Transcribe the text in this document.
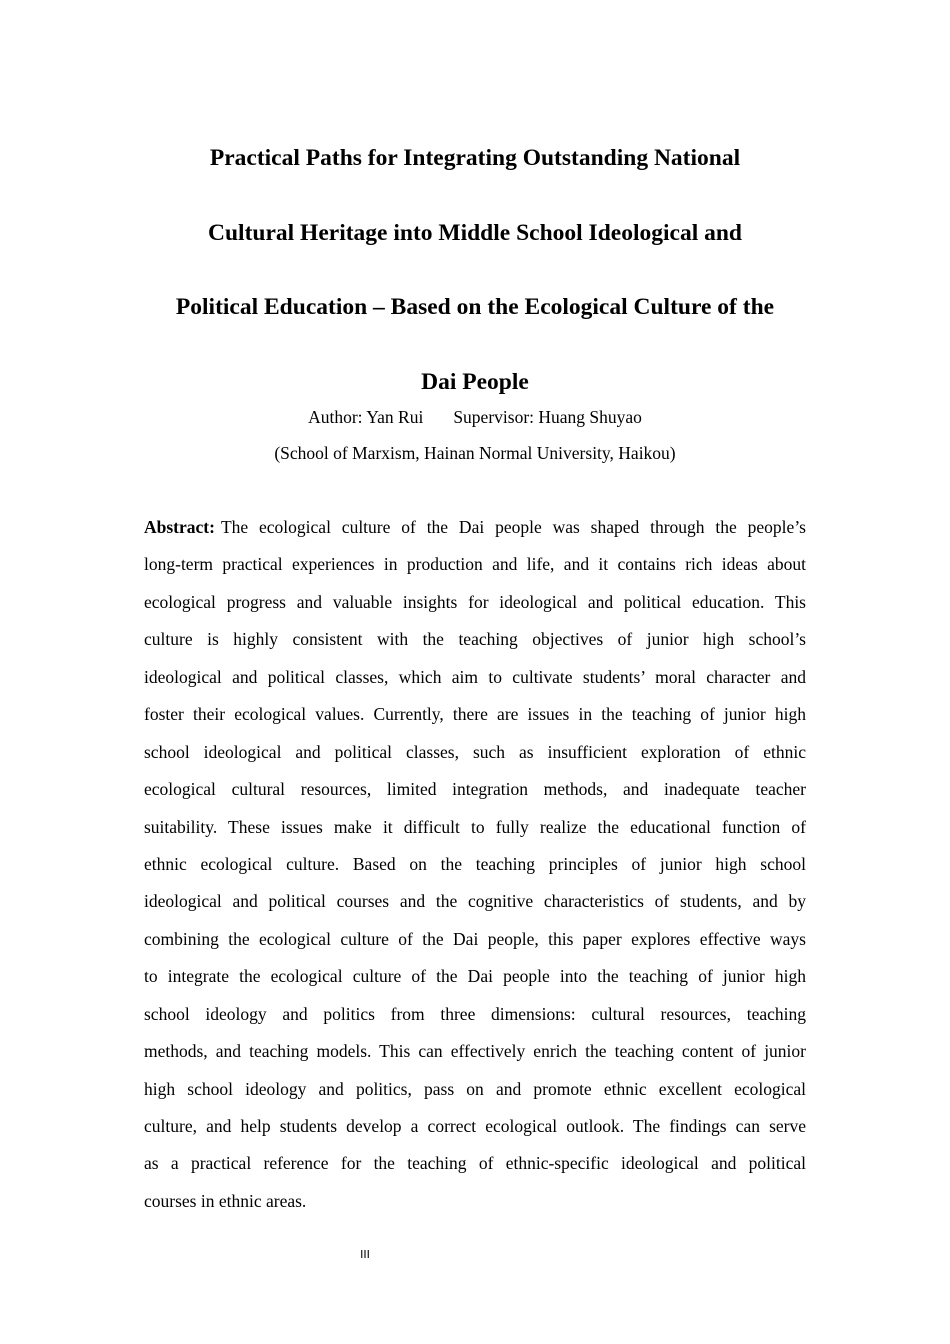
Practical Paths for Integrating Outstanding National
Cultural Heritage into Middle School Ideological and
Political Education – Based on the Ecological Culture of the
Dai People
Author: Yan Rui Supervisor: Huang Shuyao
(School of Marxism, Hainan Normal University, Haikou)
Abstract: The ecological culture of the Dai people was shaped through the people’s
long-term practical experiences in production and life, and it contains rich ideas about
ecological progress and valuable insights for ideological and political education. This
culture is highly consistent with the teaching objectives of junior high school’s
ideological and political classes, which aim to cultivate students’ moral character and
foster their ecological values. Currently, there are issues in the teaching of junior high
school ideological and political classes, such as insufficient exploration of ethnic
ecological cultural resources, limited integration methods, and inadequate teacher
suitability. These issues make it difficult to fully realize the educational function of
ethnic ecological culture. Based on the teaching principles of junior high school
ideological and political courses and the cognitive characteristics of students, and by
combining the ecological culture of the Dai people, this paper explores effective ways
to integrate the ecological culture of the Dai people into the teaching of junior high
school ideology and politics from three dimensions: cultural resources, teaching
methods, and teaching models. This can effectively enrich the teaching content of junior
high school ideology and politics, pass on and promote ethnic excellent ecological
culture, and help students develop a correct ecological outlook. The findings can serve
as a practical reference for the teaching of ethnic-specific ideological and political
courses in ethnic areas.
III
